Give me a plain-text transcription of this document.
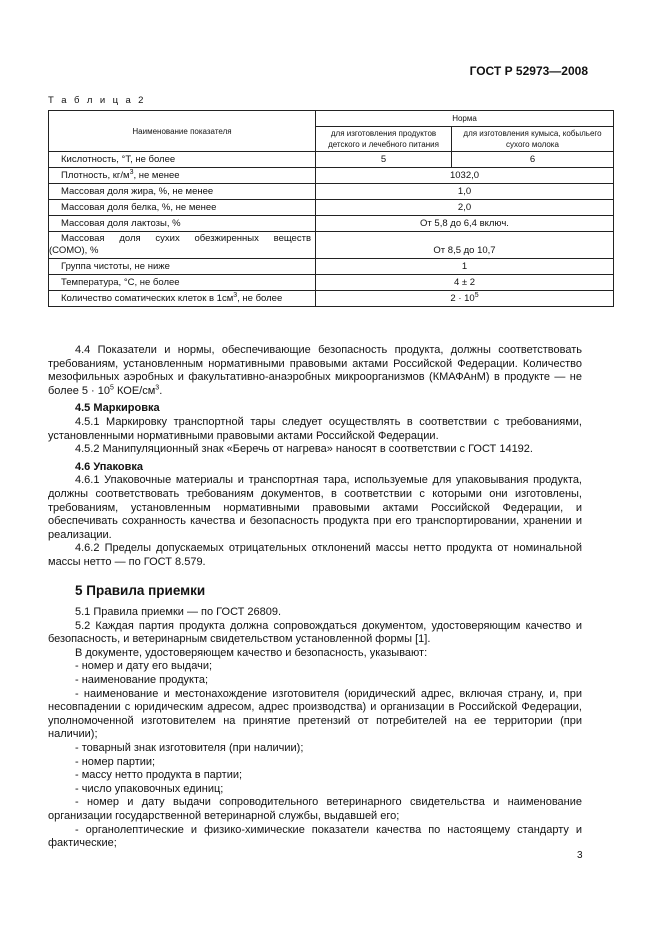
ГОСТ Р 52973—2008
Т а б л и ц а 2
Наименование показателя	Норма	
	для изготовления продуктов детского и лечебного питания	для изготовления кумыса, кобыльего сухого молока
Кислотность, °Т, не более	5	6
Плотность, $кг/м^3$, не менее	1032,0	
Массовая доля жира, %, не менее	1,0	
Массовая доля белка, %, не менее	2,0	
Массовая доля лактозы, %	От 5,8 до 6,4 включ.	

Массовая доля сухих обезжиренных веществ
(СОМО), %	От 8,5 до 10,7	
Группа чистоты, не ниже	1	
Температура, °С, не более	4 ± 2	
Количество соматических клеток в $1см^3$, не более	$2 \cdot 10^5$

4.4 Показатели и нормы, обеспечивающие безопасность продукта, должны соответствовать требованиям, установленным нормативными правовыми актами Российской Федерации. Количество мезофильных аэробных и факультативно-анаэробных микроорганизмов (КМАФАнМ) в продукте — не более $5 \cdot 10^5$ КОЕ/$см^3$.

4.5 Маркировка

4.5.1 Маркировку транспортной тары следует осуществлять в соответствии с требованиями, установленными нормативными правовыми актами Российской Федерации.

4.5.2 Манипуляционный знак «Беречь от нагрева» наносят в соответствии с ГОСТ 14192.

4.6 Упаковка

4.6.1 Упаковочные материалы и транспортная тара, используемые для упаковывания продукта, должны соответствовать требованиям документов, в соответствии с которыми они изготовлены, требованиям, установленным нормативными правовыми актами Российской Федерации, и обеспечивать сохранность качества и безопасность продукта при его транспортировании, хранении и реализации.

4.6.2 Пределы допускаемых отрицательных отклонений массы нетто продукта от номинальной массы нетто — по ГОСТ 8.579.

5 Правила приемки

5.1 Правила приемки — по ГОСТ 26809.

5.2 Каждая партия продукта должна сопровождаться документом, удостоверяющим качество и безопасность, и ветеринарным свидетельством установленной формы [1].

В документе, удостоверяющем качество и безопасность, указывают:

- номер и дату его выдачи;

- наименование продукта;

- наименование и местонахождение изготовителя (юридический адрес, включая страну, и, при несовпадении с юридическим адресом, адрес производства) и организации в Российской Федерации, уполномоченной изготовителем на принятие претензий от потребителей на ее территории (при наличии);

- товарный знак изготовителя (при наличии);

- номер партии;

- массу нетто продукта в партии;

- число упаковочных единиц;

- номер и дату выдачи сопроводительного ветеринарного свидетельства и наименование организации государственной ветеринарной службы, выдавшей его;

- органолептические и физико-химические показатели качества по настоящему стандарту и фактические;

3
